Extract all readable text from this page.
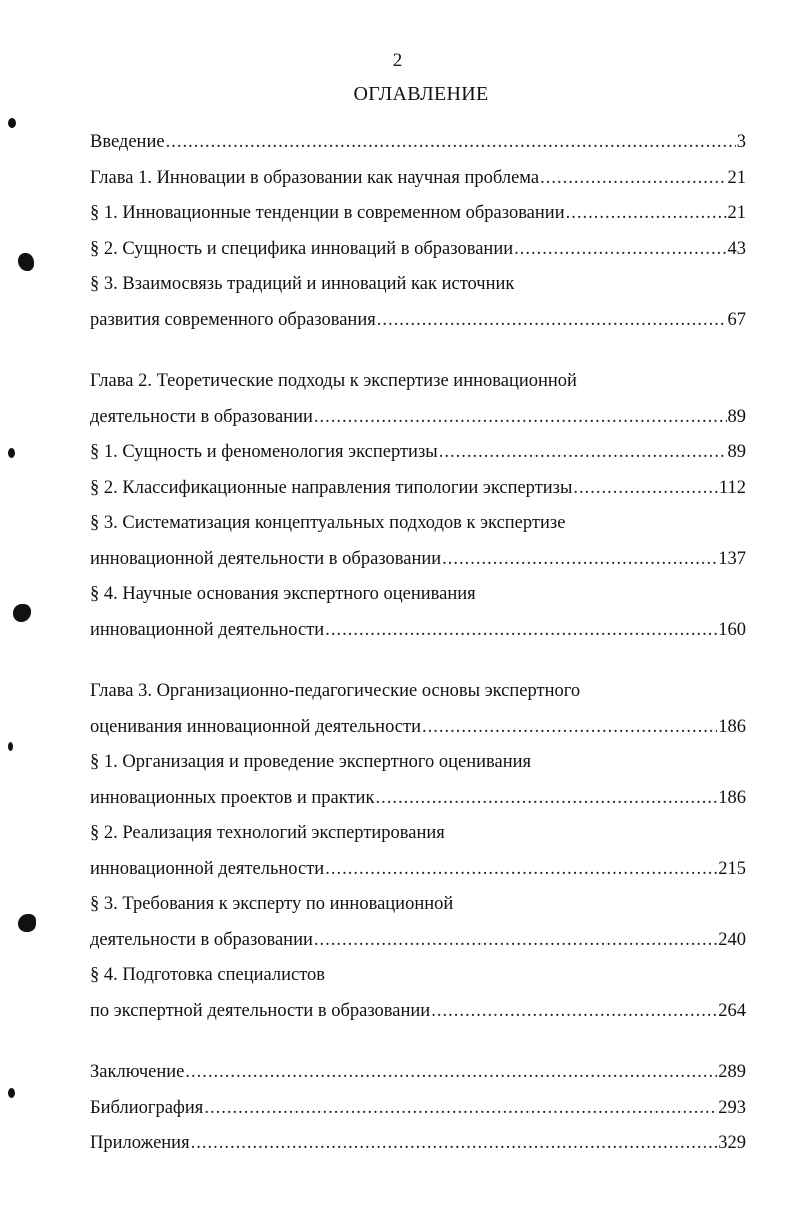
2
ОГЛАВЛЕНИЕ
Введение .....	3
Глава 1. Инновации в образовании как научная проблема .....	21
§ 1. Инновационные тенденции в современном образовании .....	21
§ 2. Сущность и специфика инноваций в образовании .....	43
§ 3. Взаимосвязь традиций и инноваций как источник
развития современного образования .....	67
Глава 2. Теоретические подходы к экспертизе инновационной
деятельности в образовании .....	89
§ 1. Сущность и феноменология экспертизы .....	89
§ 2. Классификационные направления типологии экспертизы .....	112
§ 3. Систематизация концептуальных подходов к экспертизе
инновационной деятельности в образовании .....	137
§ 4. Научные основания экспертного оценивания
инновационной деятельности .....	160
Глава 3. Организационно-педагогические основы экспертного
оценивания инновационной деятельности .....	186
§ 1. Организация и проведение экспертного оценивания
инновационных проектов и практик .....	186
§ 2. Реализация технологий экспертирования
инновационной деятельности .....	215
§ 3. Требования к эксперту по инновационной
деятельности в образовании .....	240
§ 4. Подготовка специалистов
по экспертной деятельности в образовании .....	264
Заключение .....	289
Библиография .....	293
Приложения .....	329
